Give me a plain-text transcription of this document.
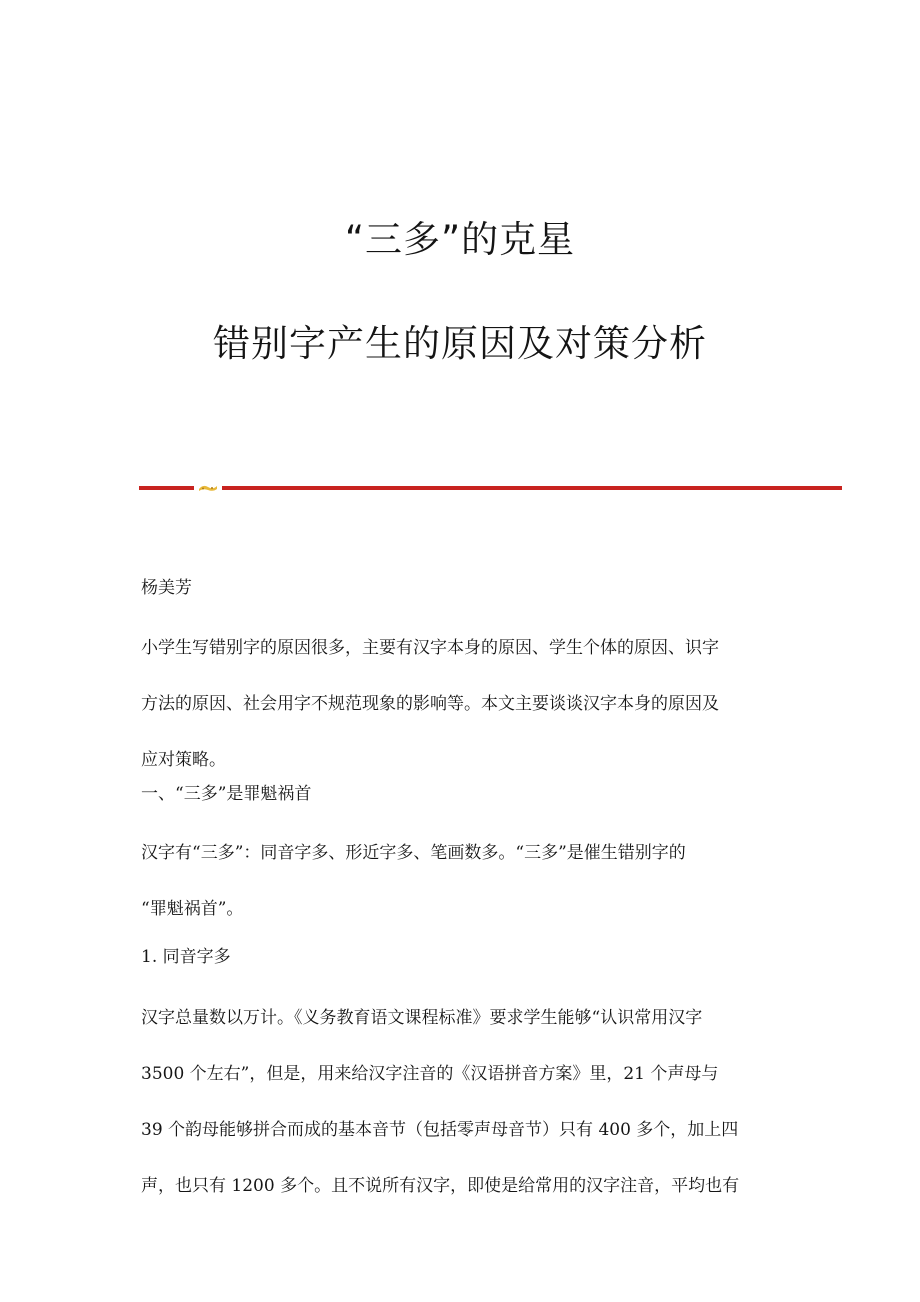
“三多”的克星
错别字产生的原因及对策分析

杨美芳

小学生写错别字的原因很多，主要有汉字本身的原因、学生个体的原因、识字
方法的原因、社会用字不规范现象的影响等。本文主要谈谈汉字本身的原因及
应对策略。

一、“三多”是罪魁祸首

汉字有“三多”：同音字多、形近字多、笔画数多。“三多”是催生错别字的
“罪魁祸首”。

1. 同音字多

汉字总量数以万计。《义务教育语文课程标准》要求学生能够“认识常用汉字
3500 个左右”，但是，用来给汉字注音的《汉语拼音方案》里，21 个声母与
39 个韵母能够拼合而成的基本音节（包括零声母音节）只有 400 多个，加上四
声，也只有 1200 多个。且不说所有汉字，即使是给常用的汉字注音，平均也有
